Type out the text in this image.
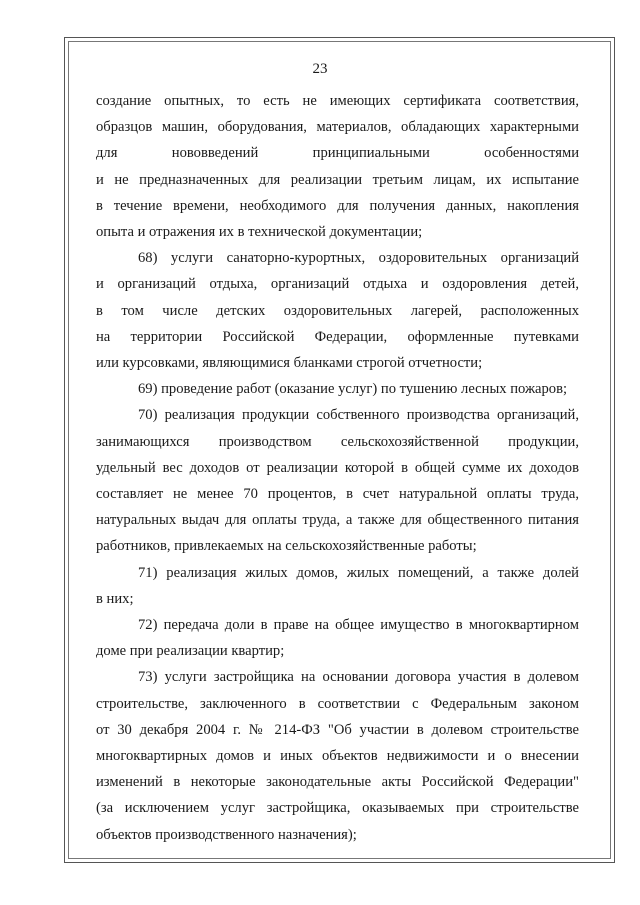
23

создание опытных, то есть не имеющих сертификата соответствия,

образцов машин, оборудования, материалов, обладающих характерными

для нововведений принципиальными особенностями

и не предназначенных для реализации третьим лицам, их испытание

в течение времени, необходимого для получения данных, накопления

опыта и отражения их в технической документации;

68) услуги санаторно-курортных, оздоровительных организаций

и организаций отдыха, организаций отдыха и оздоровления детей,

в том числе детских оздоровительных лагерей, расположенных

на территории Российской Федерации, оформленные путевками

или курсовками, являющимися бланками строгой отчетности;

69) проведение работ (оказание услуг) по тушению лесных пожаров;

70) реализация продукции собственного производства организаций,

занимающихся производством сельскохозяйственной продукции,

удельный вес доходов от реализации которой в общей сумме их доходов

составляет не менее 70 процентов, в счет натуральной оплаты труда,

натуральных выдач для оплаты труда, а также для общественного питания

работников, привлекаемых на сельскохозяйственные работы;

71) реализация жилых домов, жилых помещений, а также долей

в них;

72) передача доли в праве на общее имущество в многоквартирном

доме при реализации квартир;

73) услуги застройщика на основании договора участия в долевом

строительстве, заключенного в соответствии с Федеральным законом

от 30 декабря 2004 г. № 214-ФЗ "Об участии в долевом строительстве

многоквартирных домов и иных объектов недвижимости и о внесении

изменений в некоторые законодательные акты Российской Федерации"

(за исключением услуг застройщика, оказываемых при строительстве

объектов производственного назначения);
